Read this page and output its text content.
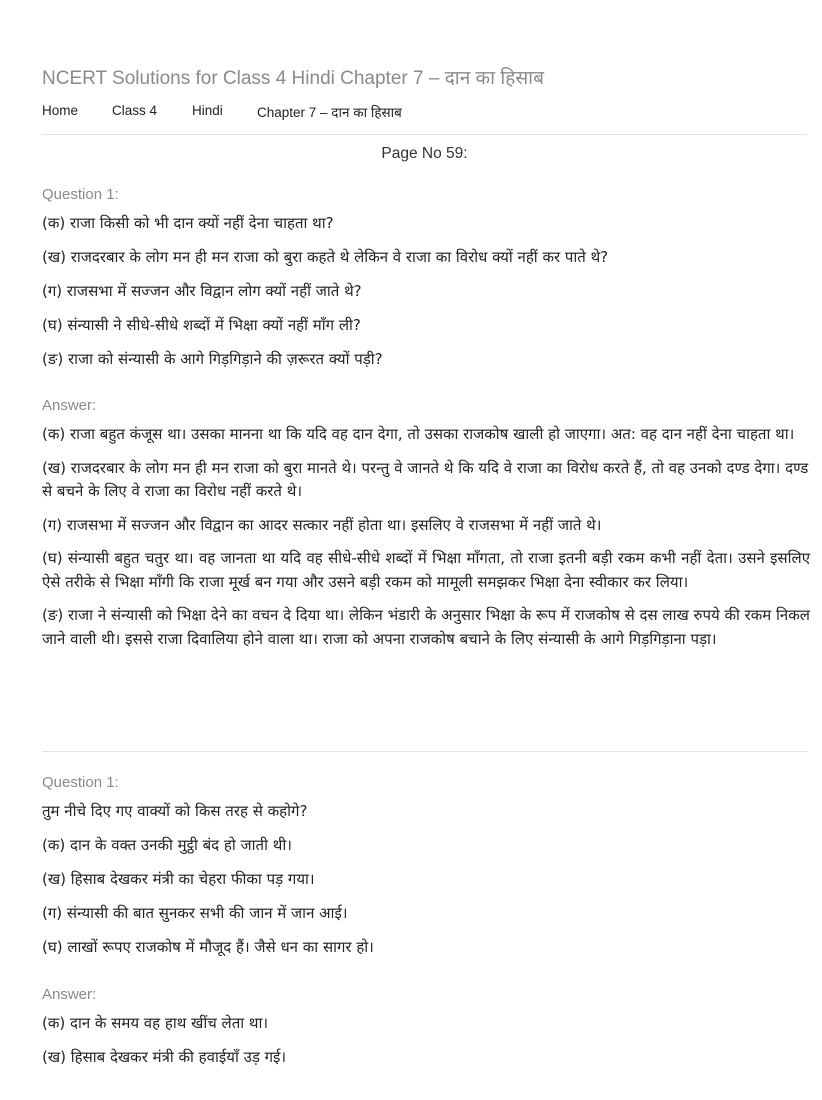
NCERT Solutions for Class 4 Hindi Chapter 7 – दान का हिसाब
Home	Class 4	Hindi	Chapter 7 – दान का हिसाब
Page No 59:
Question 1:
(क) राजा किसी को भी दान क्यों नहीं देना चाहता था?
(ख) राजदरबार के लोग मन ही मन राजा को बुरा कहते थे लेकिन वे राजा का विरोध क्यों नहीं कर पाते थे?
(ग) राजसभा में सज्जन और विद्वान लोग क्यों नहीं जाते थे?
(घ) संन्यासी ने सीधे-सीधे शब्दों में भिक्षा क्यों नहीं माँग ली?
(ङ) राजा को संन्यासी के आगे गिड़गिड़ाने की ज़रूरत क्यों पड़ी?
Answer:
(क) राजा बहुत कंजूस था। उसका मानना था कि यदि वह दान देगा, तो उसका राजकोष खाली हो जाएगा। अत: वह दान नहीं देना चाहता था।
(ख) राजदरबार के लोग मन ही मन राजा को बुरा मानते थे। परन्तु वे जानते थे कि यदि वे राजा का विरोध करते हैं, तो वह उनको दण्ड देगा। दण्ड से बचने के लिए वे राजा का विरोध नहीं करते थे।
(ग) राजसभा में सज्जन और विद्वान का आदर सत्कार नहीं होता था। इसलिए वे राजसभा में नहीं जाते थे।
(घ) संन्यासी बहुत चतुर था। वह जानता था यदि वह सीधे-सीधे शब्दों में भिक्षा माँगता, तो राजा इतनी बड़ी रकम कभी नहीं देता। उसने इसलिए ऐसे तरीके से भिक्षा माँगी कि राजा मूर्ख बन गया और उसने बड़ी रकम को मामूली समझकर भिक्षा देना स्वीकार कर लिया।
(ङ) राजा ने संन्यासी को भिक्षा देने का वचन दे दिया था। लेकिन भंडारी के अनुसार भिक्षा के रूप में राजकोष से दस लाख रुपये की रकम निकल जाने वाली थी। इससे राजा दिवालिया होने वाला था। राजा को अपना राजकोष बचाने के लिए संन्यासी के आगे गिड़गिड़ाना पड़ा।
Question 1:
तुम नीचे दिए गए वाक्यों को किस तरह से कहोगे?
(क) दान के वक्त उनकी मुट्ठी बंद हो जाती थी।
(ख) हिसाब देखकर मंत्री का चेहरा फीका पड़ गया।
(ग) संन्यासी की बात सुनकर सभी की जान में जान आई।
(घ) लाखों रूपए राजकोष में मौजूद हैं। जैसे धन का सागर हो।
Answer:
(क) दान के समय वह हाथ खींच लेता था।
(ख) हिसाब देखकर मंत्री की हवाईयाँ उड़ गई।
